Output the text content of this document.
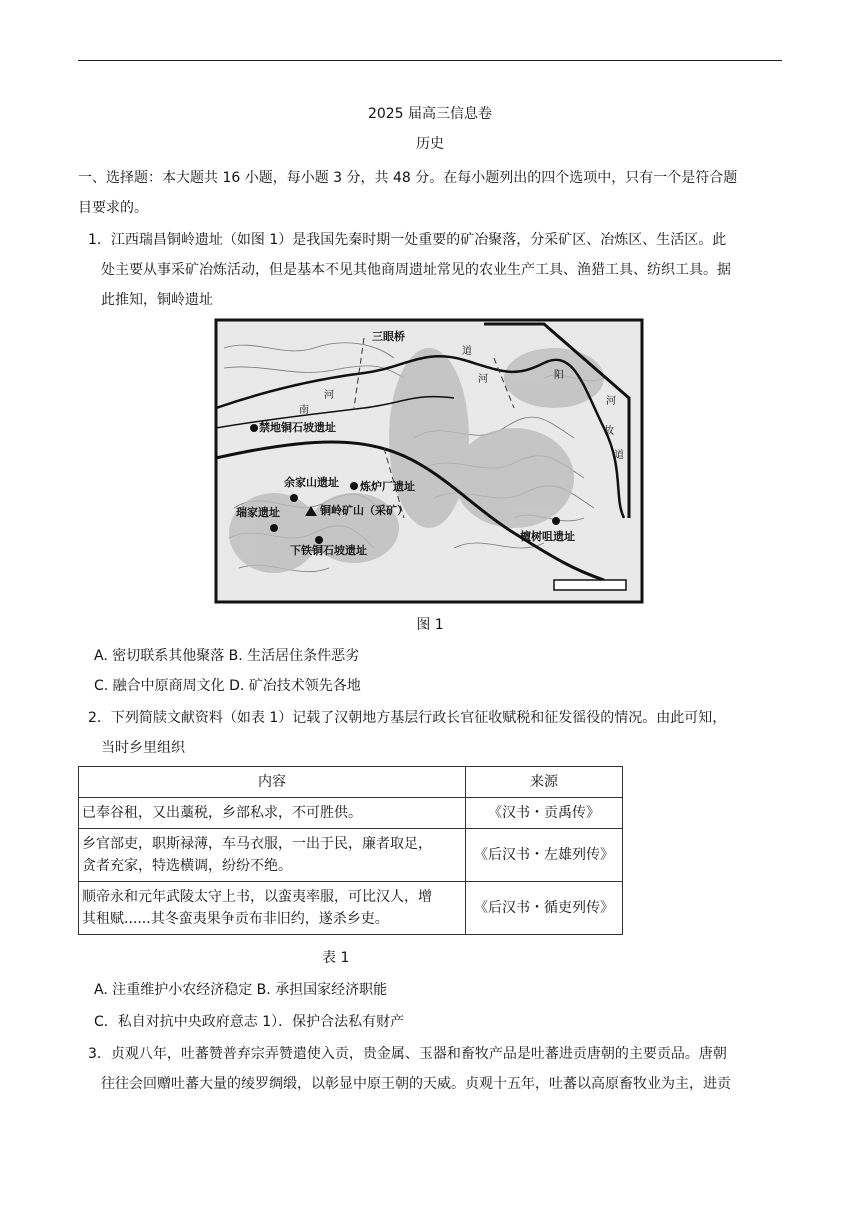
2025 届高三信息卷
历史
一、选择题：本大题共 16 小题，每小题 3 分，共 48 分。在每小题列出的四个选项中，只有一个是符合题
目要求的。
1．江西瑞昌铜岭遗址（如图 1）是我国先秦时期一处重要的矿冶聚落，分采矿区、冶炼区、生活区。此
处主要从事采矿冶炼活动，但是基本不见其他商周遗址常见的农业生产工具、渔猎工具、纺织工具。据
此推知，铜岭遗址
三眼桥
禁地铜石坡遗址
余家山遗址 炼炉厂遗址
铜岭矿山（采矿）
瑞家遗址
下铁铜石坡遗址
檀树咀遗址
南
河
道
河	阳
河
故
道
图 1
A. 密切联系其他聚落 B. 生活居住条件恶劣
C. 融合中原商周文化 D. 矿冶技术领先各地
2．下列简牍文献资料（如表 1）记载了汉朝地方基层行政长官征收赋税和征发徭役的情况。由此可知，
当时乡里组织
内容	来源
已奉谷租，又出藁税，乡部私求，不可胜供。	《汉书・贡禹传》
乡官部吏，职斯禄薄，车马衣服，一出于民，廉者取足，
贪者充家，特选横调，纷纷不绝。	《后汉书・左雄列传》
顺帝永和元年武陵太守上书，以蛮夷率服，可比汉人，增
其租赋......其冬蛮夷果争贡布非旧约，遂杀乡吏。	《后汉书・循吏列传》
表 1
A. 注重维护小农经济稳定 B. 承担国家经济职能
C．私自对抗中央政府意志 1）．保护合法私有财产
3．贞观八年，吐蕃赞普弃宗弄赞遣使入贡，贵金属、玉器和畜牧产品是吐蕃进贡唐朝的主要贡品。唐朝
往往会回赠吐蕃大量的绫罗绸缎，以彰显中原王朝的天威。贞观十五年，吐蕃以高原畜牧业为主，进贡
